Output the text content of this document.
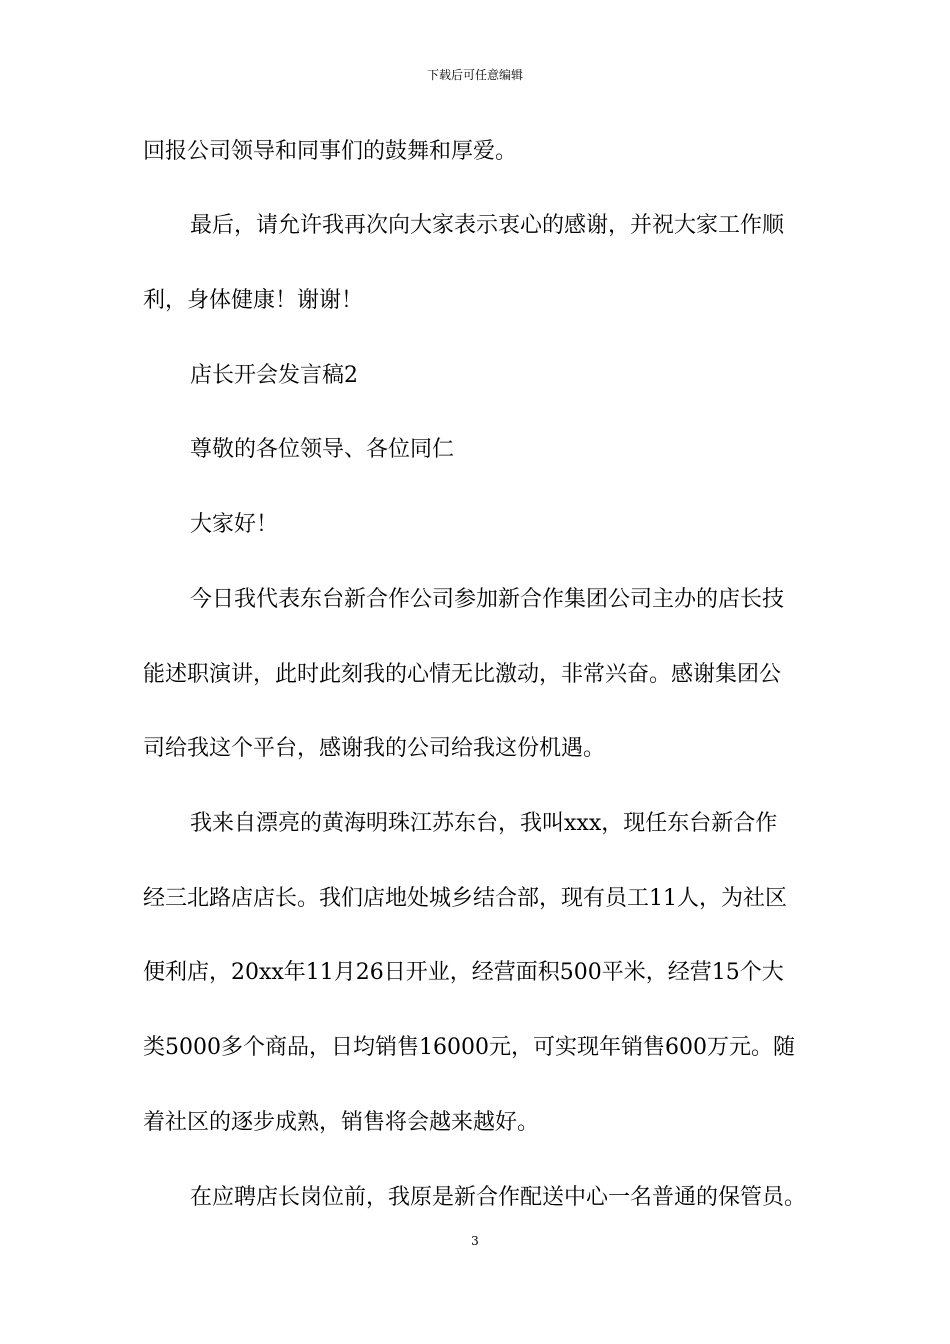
下载后可任意编辑
回报公司领导和同事们的鼓舞和厚爱。
最后，请允许我再次向大家表示衷心的感谢，并祝大家工作顺
利，身体健康！谢谢！
店长开会发言稿2
尊敬的各位领导、各位同仁
大家好！
今日我代表东台新合作公司参加新合作集团公司主办的店长技
能述职演讲，此时此刻我的心情无比激动，非常兴奋。感谢集团公
司给我这个平台，感谢我的公司给我这份机遇。
我来自漂亮的黄海明珠江苏东台，我叫xxx，现任东台新合作
经三北路店店长。我们店地处城乡结合部，现有员工11人，为社区
便利店，20xx年11月26日开业，经营面积500平米，经营15个大
类5000多个商品，日均销售16000元，可实现年销售600万元。随
着社区的逐步成熟，销售将会越来越好。
在应聘店长岗位前，我原是新合作配送中心一名普通的保管员。
3
